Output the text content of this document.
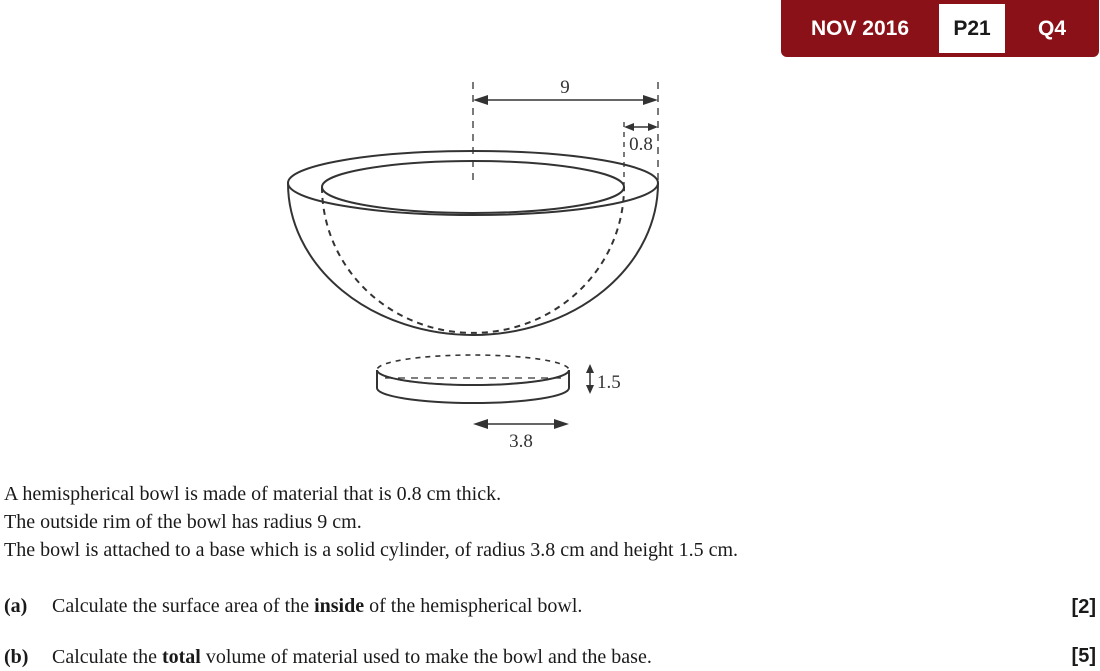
NOV 2016	P21	Q4
9
0.8
1.5
3.8
A hemispherical bowl is made of material that is 0.8 cm thick.
The outside rim of the bowl has radius 9 cm.
The bowl is attached to a base which is a solid cylinder, of radius 3.8 cm and height 1.5 cm.
(a) Calculate the surface area of the inside of the hemispherical bowl.	[2]
(b) Calculate the total volume of material used to make the bowl and the base.	[5]
